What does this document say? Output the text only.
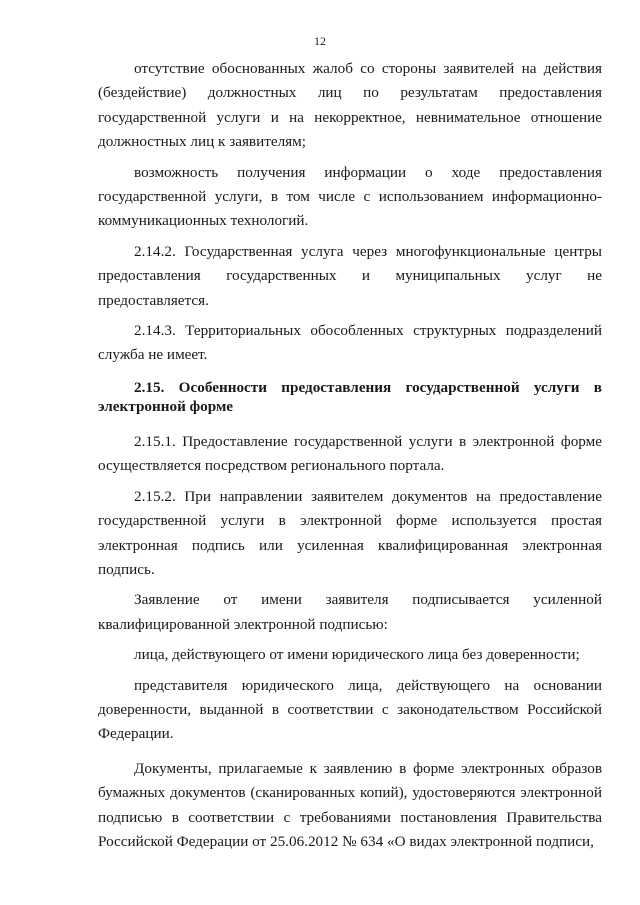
12

отсутствие обоснованных жалоб со стороны заявителей на действия (бездействие) должностных лиц по результатам предоставления государственной услуги и на некорректное, невнимательное отношение должностных лиц к заявителям;

возможность получения информации о ходе предоставления государственной услуги, в том числе с использованием информационно-коммуникационных технологий.

2.14.2. Государственная услуга через многофункциональные центры предоставления государственных и муниципальных услуг не предоставляется.

2.14.3. Территориальных обособленных структурных подразделений служба не имеет.

2.15. Особенности предоставления государственной услуги в электронной форме

2.15.1. Предоставление государственной услуги в электронной форме осуществляется посредством регионального портала.

2.15.2. При направлении заявителем документов на предоставление государственной услуги в электронной форме используется простая электронная подпись или усиленная квалифицированная электронная подпись.

Заявление от имени заявителя подписывается усиленной квалифицированной электронной подписью:

лица, действующего от имени юридического лица без доверенности;

представителя юридического лица, действующего на основании доверенности, выданной в соответствии с законодательством Российской Федерации.

Документы, прилагаемые к заявлению в форме электронных образов бумажных документов (сканированных копий), удостоверяются электронной подписью в соответствии с требованиями постановления Правительства Российской Федерации от 25.06.2012 № 634 «О видах электронной подписи,
